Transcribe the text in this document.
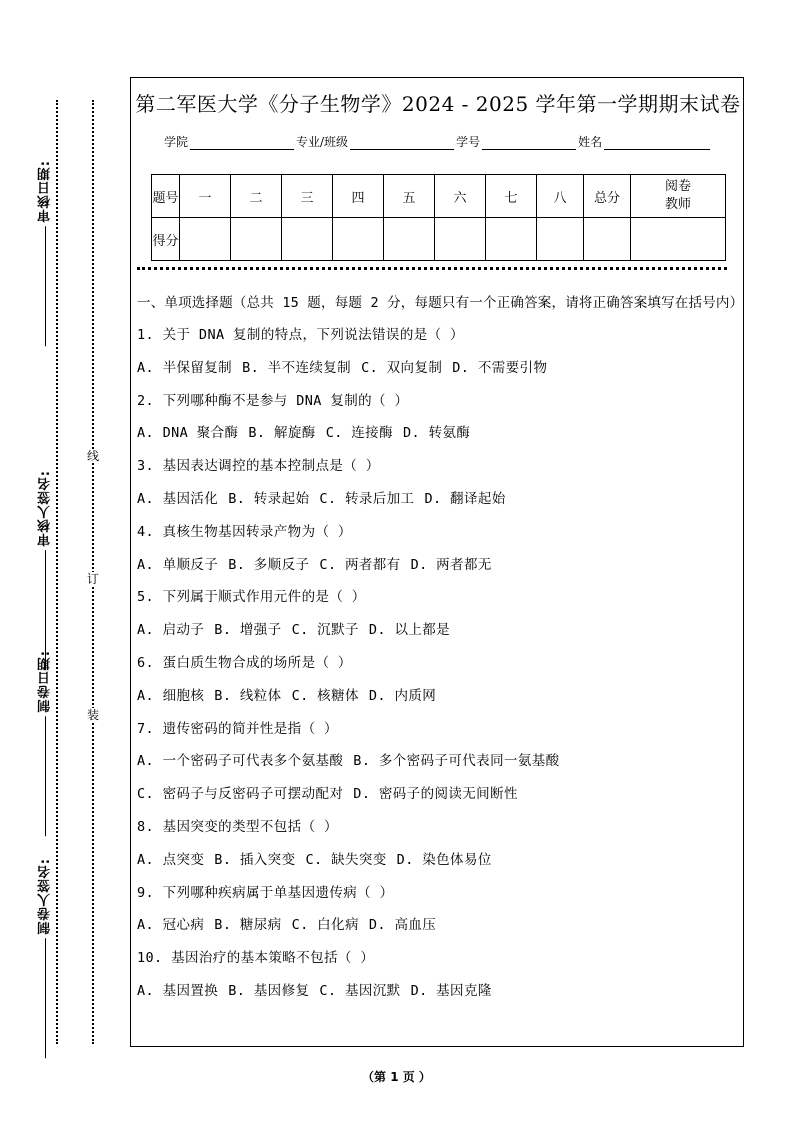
审核日期:
审核人签名:
制卷日期:
制卷人签名:
线
订
装
第二军医大学《分子生物学》2024 - 2025 学年第一学期期末试卷
学院	专业/班级	学号	姓名
题号	一	二	三	四	五	六	七	八	总分	阅卷教师
得分										
一、单项选择题（总共 15 题，每题 2 分，每题只有一个正确答案，请将正确答案填写在括号内）
1. 关于 DNA 复制的特点，下列说法错误的是（ ）
A. 半保留复制 B. 半不连续复制 C. 双向复制 D. 不需要引物
2. 下列哪种酶不是参与 DNA 复制的（ ）
A. DNA 聚合酶 B. 解旋酶 C. 连接酶 D. 转氨酶
3. 基因表达调控的基本控制点是（ ）
A. 基因活化 B. 转录起始 C. 转录后加工 D. 翻译起始
4. 真核生物基因转录产物为（ ）
A. 单顺反子 B. 多顺反子 C. 两者都有 D. 两者都无
5. 下列属于顺式作用元件的是（ ）
A. 启动子 B. 增强子 C. 沉默子 D. 以上都是
6. 蛋白质生物合成的场所是（ ）
A. 细胞核 B. 线粒体 C. 核糖体 D. 内质网
7. 遗传密码的简并性是指（ ）
A. 一个密码子可代表多个氨基酸 B. 多个密码子可代表同一氨基酸
C. 密码子与反密码子可摆动配对 D. 密码子的阅读无间断性
8. 基因突变的类型不包括（ ）
A. 点突变 B. 插入突变 C. 缺失突变 D. 染色体易位
9. 下列哪种疾病属于单基因遗传病（ ）
A. 冠心病 B. 糖尿病 C. 白化病 D. 高血压
10. 基因治疗的基本策略不包括（ ）
A. 基因置换 B. 基因修复 C. 基因沉默 D. 基因克隆
（第 1 页 ）
